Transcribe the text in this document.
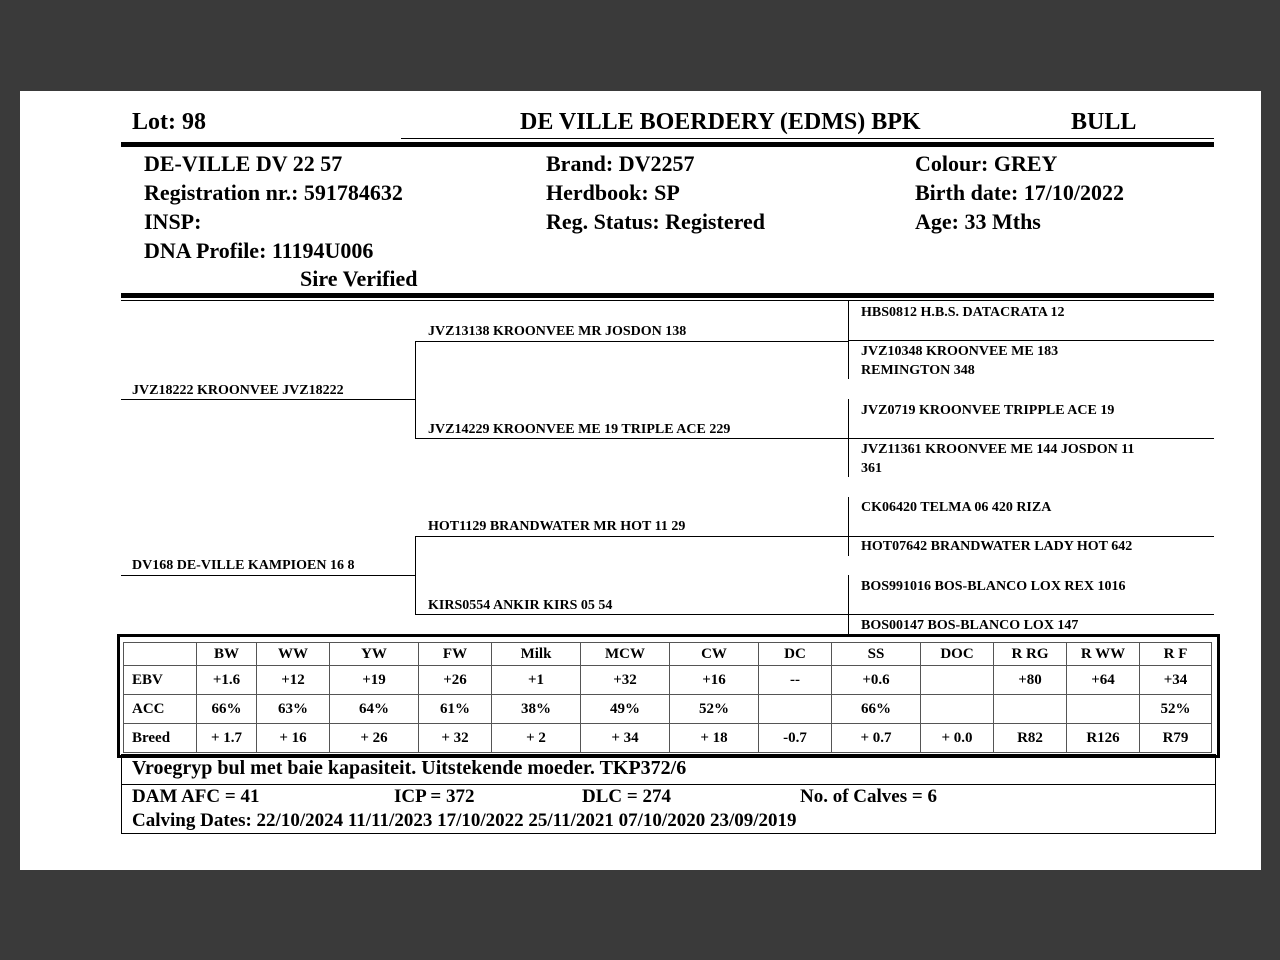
Lot: 98	DE VILLE BOERDERY (EDMS) BPK	BULL
DE-VILLE DV 22 57
Registration nr.: 591784632
INSP:
DNA Profile: 11194U006
Sire Verified
Brand: DV2257
Herdbook: SP
Reg. Status: Registered
Colour: GREY
Birth date: 17/10/2022
Age: 33 Mths
JVZ18222 KROONVEE JVZ18222
DV168 DE-VILLE KAMPIOEN 16 8
JVZ13138 KROONVEE MR JOSDON 138
JVZ14229 KROONVEE ME 19 TRIPLE ACE 229
HOT1129 BRANDWATER MR HOT 11 29
KIRS0554 ANKIR KIRS 05 54
HBS0812 H.B.S. DATACRATA 12
JVZ10348 KROONVEE ME 183
REMINGTON 348
JVZ0719 KROONVEE TRIPPLE ACE 19
JVZ11361 KROONVEE ME 144 JOSDON 11
361
CK06420 TELMA 06 420 RIZA
HOT07642 BRANDWATER LADY HOT 642
BOS991016 BOS-BLANCO LOX REX 1016
BOS00147 BOS-BLANCO LOX 147
	BW	WW	YW	FW	Milk	MCW	CW	DC	SS	DOC	R RG	R WW	R F
EBV	+1.6	+12	+19	+26	+1	+32	+16	--	+0.6		+80	+64	+34
ACC	66%	63%	64%	61%	38%	49%	52%		66%				52%
Breed	+ 1.7	+ 16	+ 26	+ 32	+ 2	+ 34	+ 18	-0.7	+ 0.7	+ 0.0	R82	R126	R79
Vroegryp bul met baie kapasiteit. Uitstekende moeder. TKP372/6
DAM AFC = 41	ICP = 372	DLC = 274	No. of Calves = 6
Calving Dates: 22/10/2024 11/11/2023 17/10/2022 25/11/2021 07/10/2020 23/09/2019
